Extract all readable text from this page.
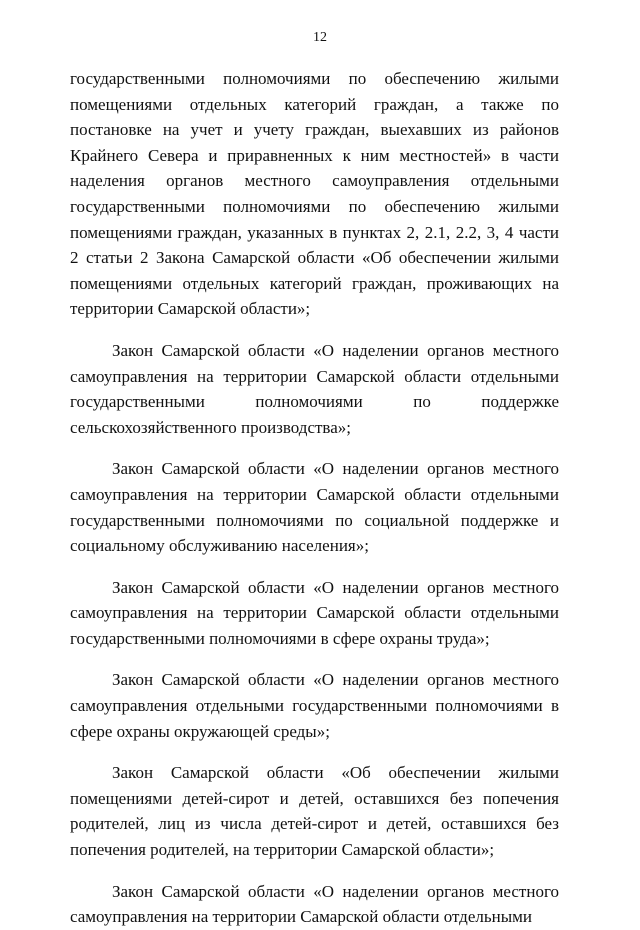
12

государственными полномочиями по обеспечению жилыми помещениями отдельных категорий граждан, а также по постановке на учет и учету граждан, выехавших из районов Крайнего Севера и приравненных к ним местностей» в части наделения органов местного самоуправления отдельными государственными полномочиями по обеспечению жилыми помещениями граждан, указанных в пунктах 2, 2.1, 2.2, 3, 4 части 2 статьи 2 Закона Самарской области «Об обеспечении жилыми помещениями отдельных категорий граждан, проживающих на территории Самарской области»;

Закон Самарской области «О наделении органов местного самоуправления на территории Самарской области отдельными государственными полномочиями по поддержке сельскохозяйственного производства»;

Закон Самарской области «О наделении органов местного самоуправления на территории Самарской области отдельными государственными полномочиями по социальной поддержке и социальному обслуживанию населения»;

Закон Самарской области «О наделении органов местного самоуправления на территории Самарской области отдельными государственными полномочиями в сфере охраны труда»;

Закон Самарской области «О наделении органов местного самоуправления отдельными государственными полномочиями в сфере охраны окружающей среды»;

Закон Самарской области «Об обеспечении жилыми помещениями детей-сирот и детей, оставшихся без попечения родителей, лиц из числа детей-сирот и детей, оставшихся без попечения родителей, на территории Самарской области»;

Закон Самарской области «О наделении органов местного самоуправления на территории Самарской области отдельными
